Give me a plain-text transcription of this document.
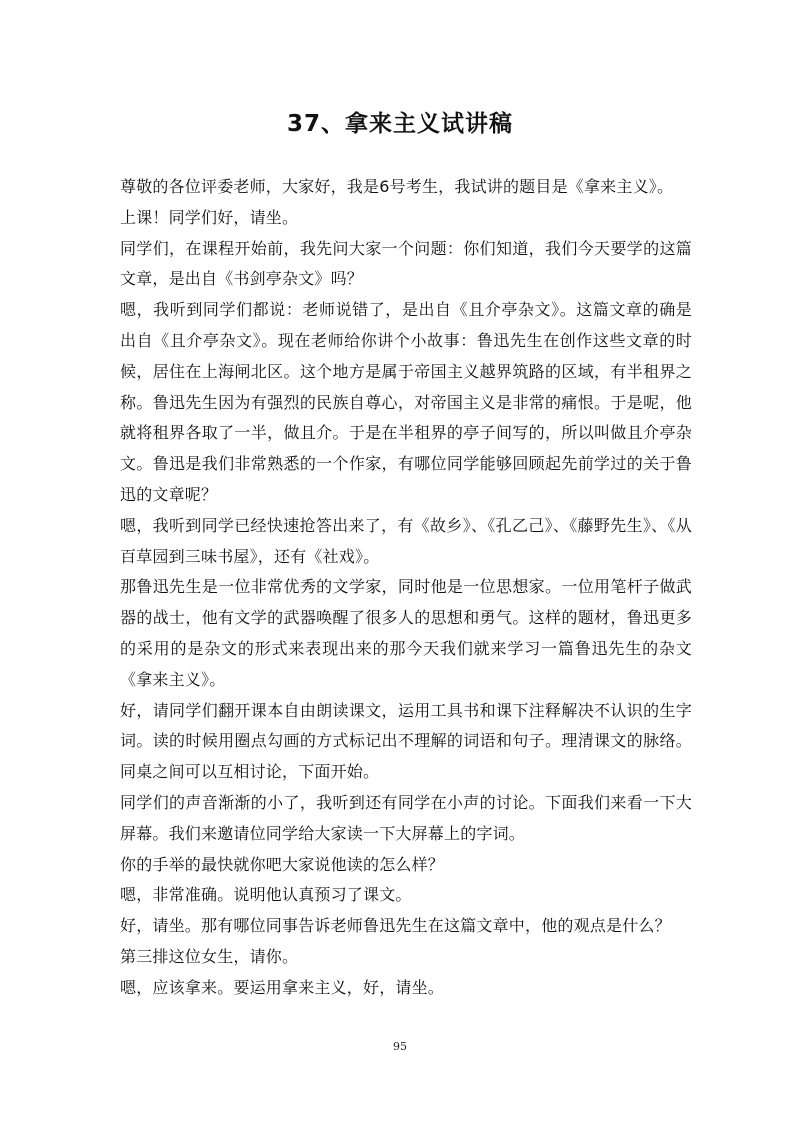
37、拿来主义试讲稿

尊敬的各位评委老师，大家好，我是6号考生，我试讲的题目是《拿来主义》。

上课！同学们好，请坐。

同学们，在课程开始前，我先问大家一个问题：你们知道，我们今天要学的这篇文章，是出自《书剑亭杂文》吗？

嗯，我听到同学们都说：老师说错了，是出自《且介亭杂文》。这篇文章的确是出自《且介亭杂文》。现在老师给你讲个小故事：鲁迅先生在创作这些文章的时候，居住在上海闸北区。这个地方是属于帝国主义越界筑路的区域，有半租界之称。鲁迅先生因为有强烈的民族自尊心，对帝国主义是非常的痛恨。于是呢，他就将租界各取了一半，做且介。于是在半租界的亭子间写的，所以叫做且介亭杂文。鲁迅是我们非常熟悉的一个作家，有哪位同学能够回顾起先前学过的关于鲁迅的文章呢？

嗯，我听到同学已经快速抢答出来了，有《故乡》、《孔乙己》、《藤野先生》、《从百草园到三味书屋》，还有《社戏》。

那鲁迅先生是一位非常优秀的文学家，同时他是一位思想家。一位用笔杆子做武器的战士，他有文学的武器唤醒了很多人的思想和勇气。这样的题材，鲁迅更多的采用的是杂文的形式来表现出来的那今天我们就来学习一篇鲁迅先生的杂文《拿来主义》。

好，请同学们翻开课本自由朗读课文，运用工具书和课下注释解决不认识的生字词。读的时候用圈点勾画的方式标记出不理解的词语和句子。理清课文的脉络。同桌之间可以互相讨论，下面开始。

同学们的声音渐渐的小了，我听到还有同学在小声的讨论。下面我们来看一下大屏幕。我们来邀请位同学给大家读一下大屏幕上的字词。

你的手举的最快就你吧大家说他读的怎么样？

嗯，非常准确。说明他认真预习了课文。

好，请坐。那有哪位同事告诉老师鲁迅先生在这篇文章中，他的观点是什么？

第三排这位女生，请你。

嗯，应该拿来。要运用拿来主义，好，请坐。

95
